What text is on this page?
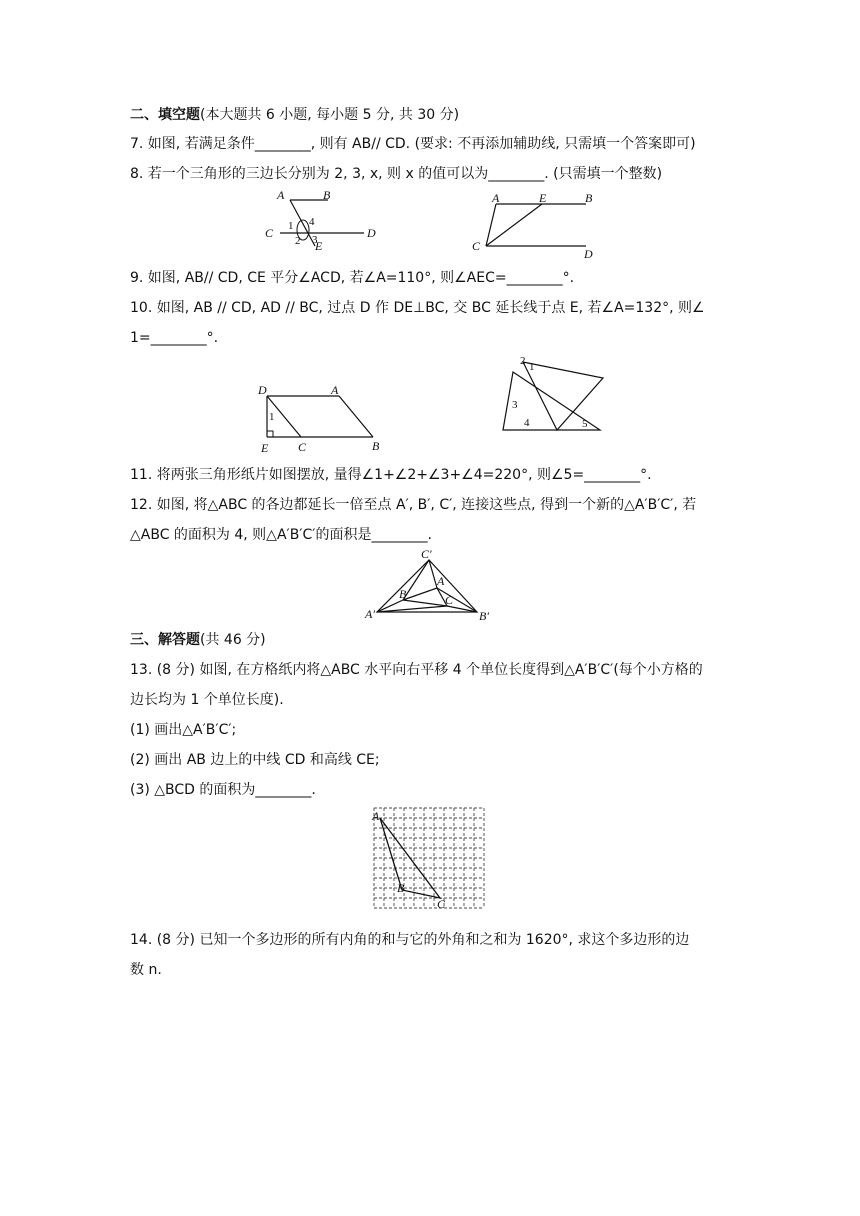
二、填空题(本大题共 6 小题, 每小题 5 分, 共 30 分)
7. 如图, 若满足条件________, 则有 AB// CD. (要求: 不再添加辅助线, 只需填一个答案即可)
8. 若一个三角形的三边长分别为 2, 3, x, 则 x 的值可以为________. (只需填一个整数)
A	B
C	D
E
1 4
2 3
A	E	B
C
D
9. 如图, AB// CD, CE 平分∠ACD, 若∠A=110°, 则∠AEC=________°.
10. 如图, AB // CD, AD // BC, 过点 D 作 DE⊥BC, 交 BC 延长线于点 E, 若∠A=132°, 则∠
1=________°.
D	A
1
E C	B
2 1
3
4	5
11. 将两张三角形纸片如图摆放, 量得∠1+∠2+∠3+∠4=220°, 则∠5=________°.
12. 如图, 将△ABC 的各边都延长一倍至点 A′, B′, C′, 连接这些点, 得到一个新的△A′B′C′, 若
△ABC 的面积为 4, 则△A′B′C′的面积是________.
C′
A
B	C
A′	B′
三、解答题(共 46 分)
13. (8 分) 如图, 在方格纸内将△ABC 水平向右平移 4 个单位长度得到△A′B′C′(每个小方格的
边长均为 1 个单位长度).
(1) 画出△A′B′C′;
(2) 画出 AB 边上的中线 CD 和高线 CE;
(3) △BCD 的面积为________.
A
B
C
14. (8 分) 已知一个多边形的所有内角的和与它的外角和之和为 1620°, 求这个多边形的边
数 n.
